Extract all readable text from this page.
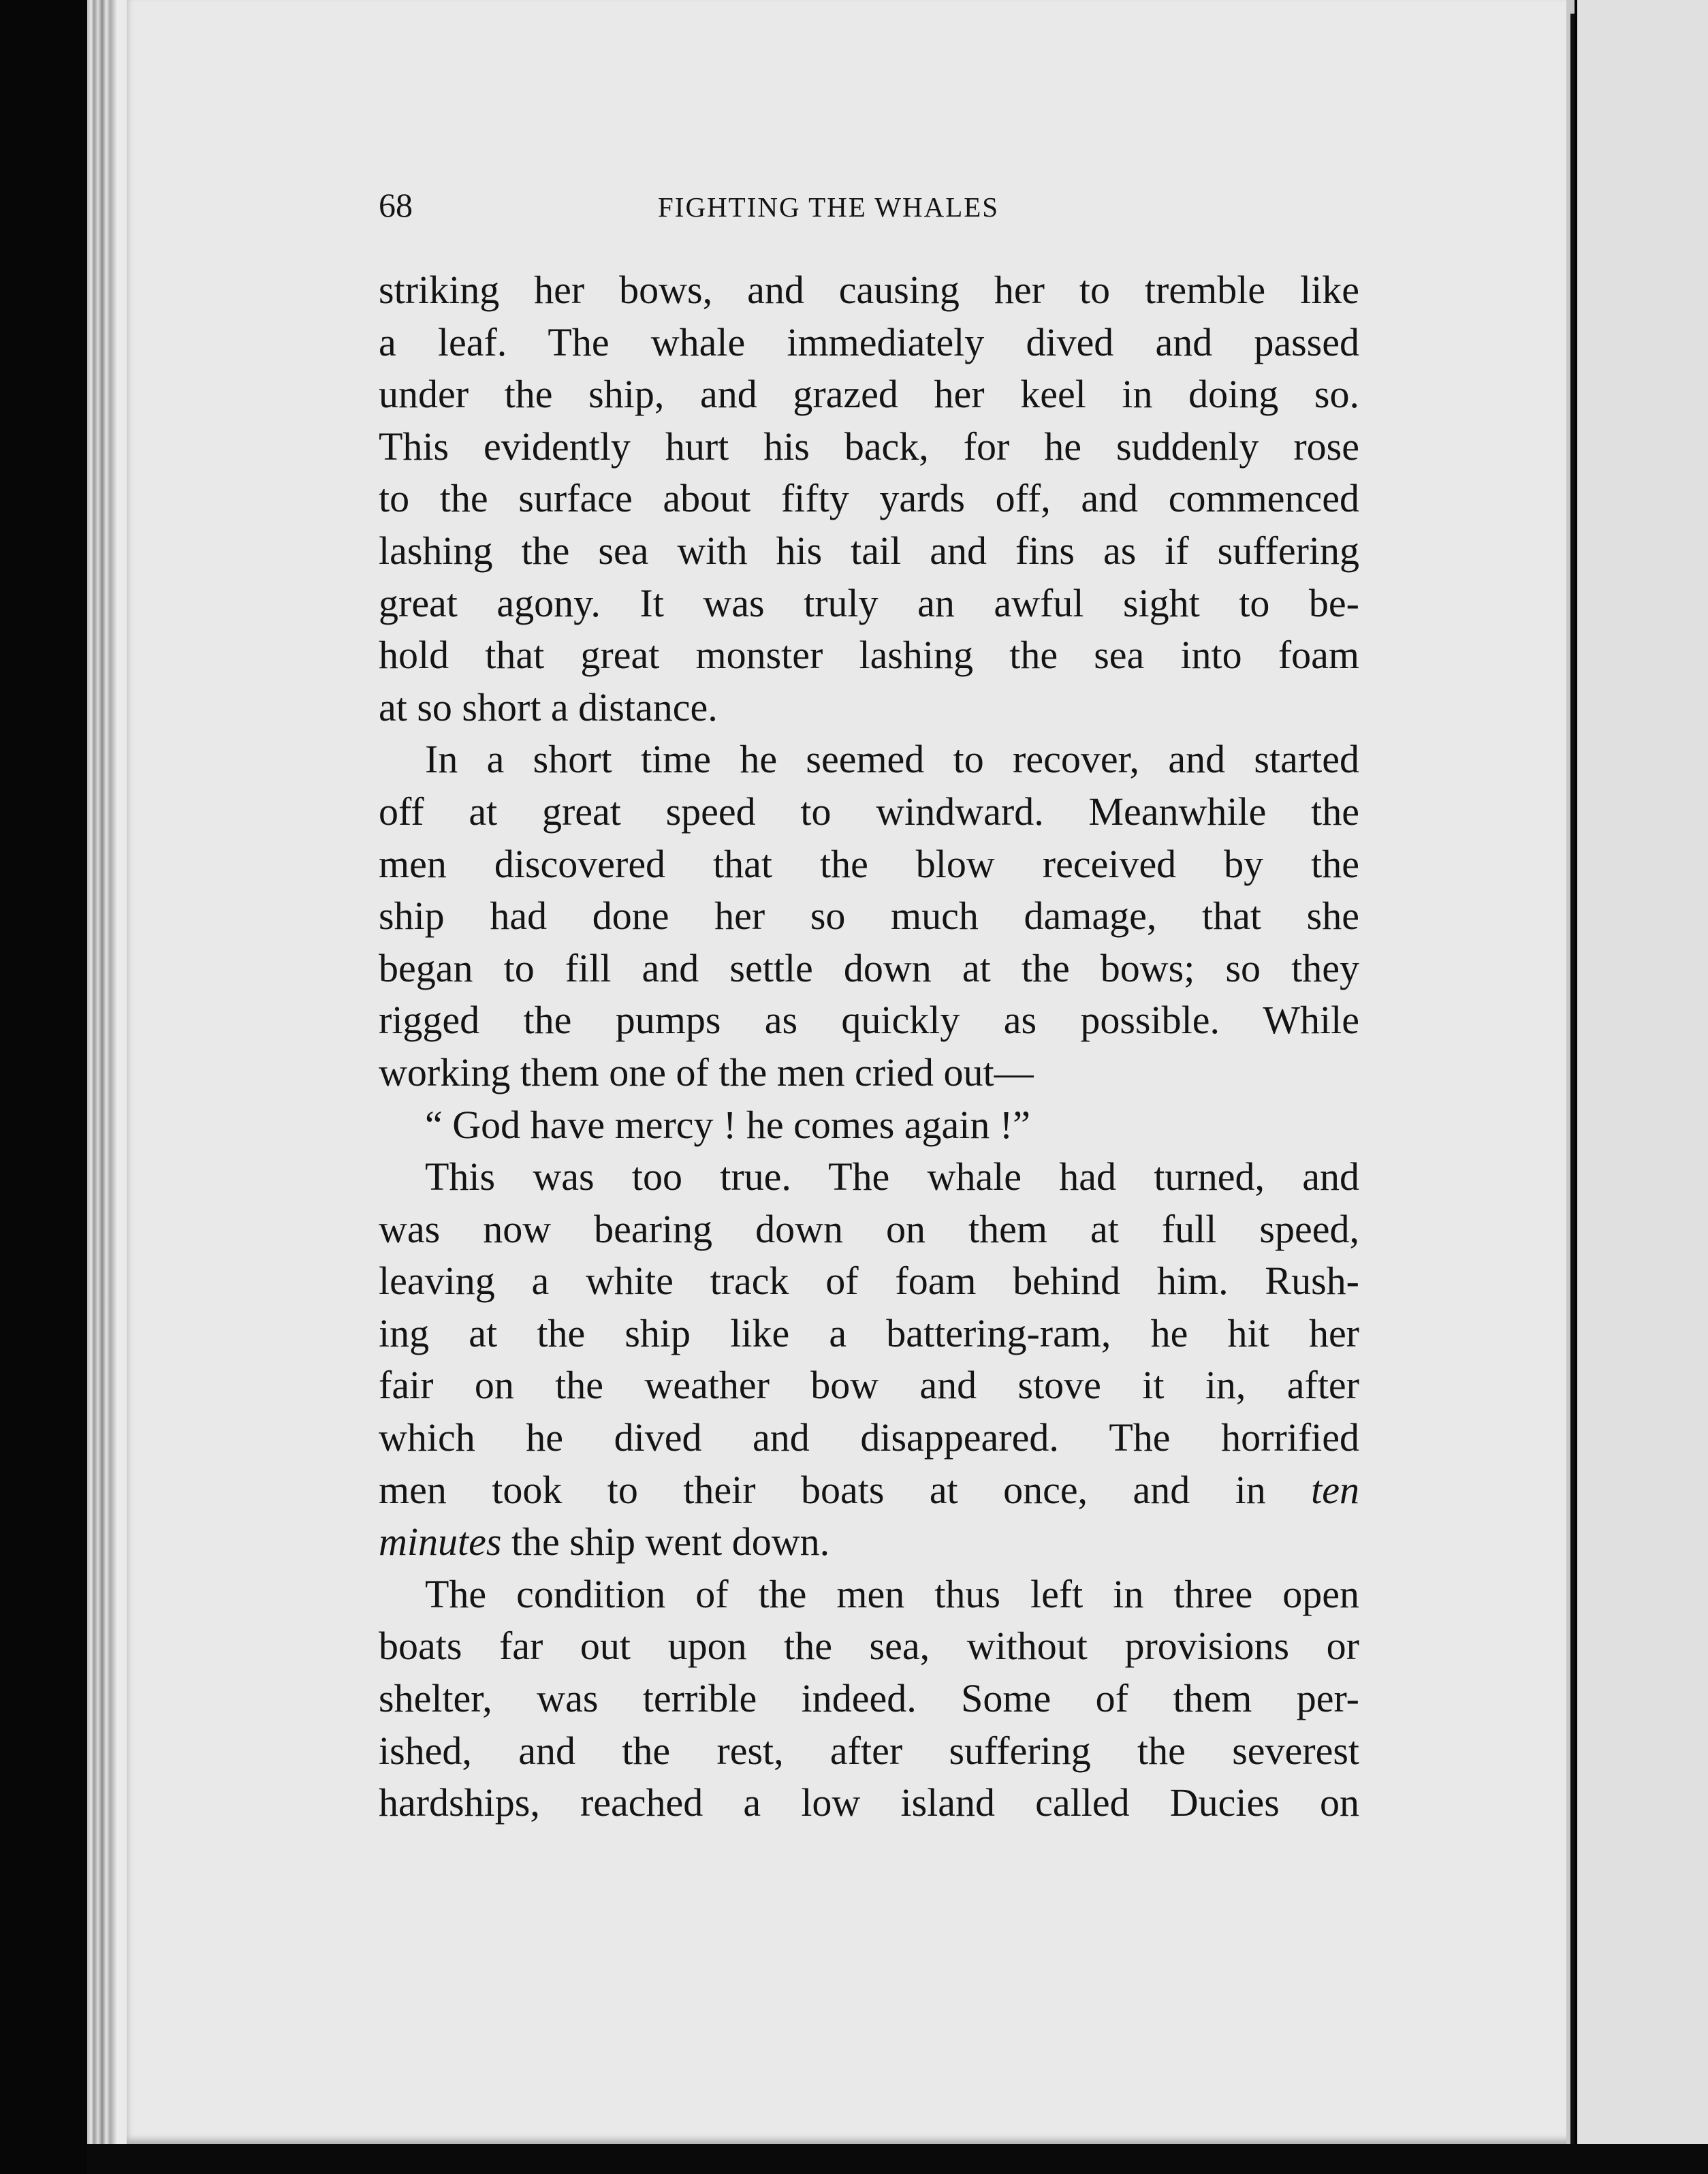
68	FIGHTING THE WHALES
striking her bows, and causing her to tremble like
a leaf. The whale immediately dived and passed
under the ship, and grazed her keel in doing so.
This evidently hurt his back, for he suddenly rose
to the surface about fifty yards off, and commenced
lashing the sea with his tail and fins as if suffering
great agony. It was truly an awful sight to be-
hold that great monster lashing the sea into foam
at so short a distance.
In a short time he seemed to recover, and started
off at great speed to windward. Meanwhile the
men discovered that the blow received by the
ship had done her so much damage, that she
began to fill and settle down at the bows; so they
rigged the pumps as quickly as possible. While
working them one of the men cried out—
“ God have mercy ! he comes again !”
This was too true. The whale had turned, and
was now bearing down on them at full speed,
leaving a white track of foam behind him. Rush-
ing at the ship like a battering-ram, he hit her
fair on the weather bow and stove it in, after
which he dived and disappeared. The horrified
men took to their boats at once, and in ten
minutes the ship went down.
The condition of the men thus left in three open
boats far out upon the sea, without provisions or
shelter, was terrible indeed. Some of them per-
ished, and the rest, after suffering the severest
hardships, reached a low island called Ducies on
